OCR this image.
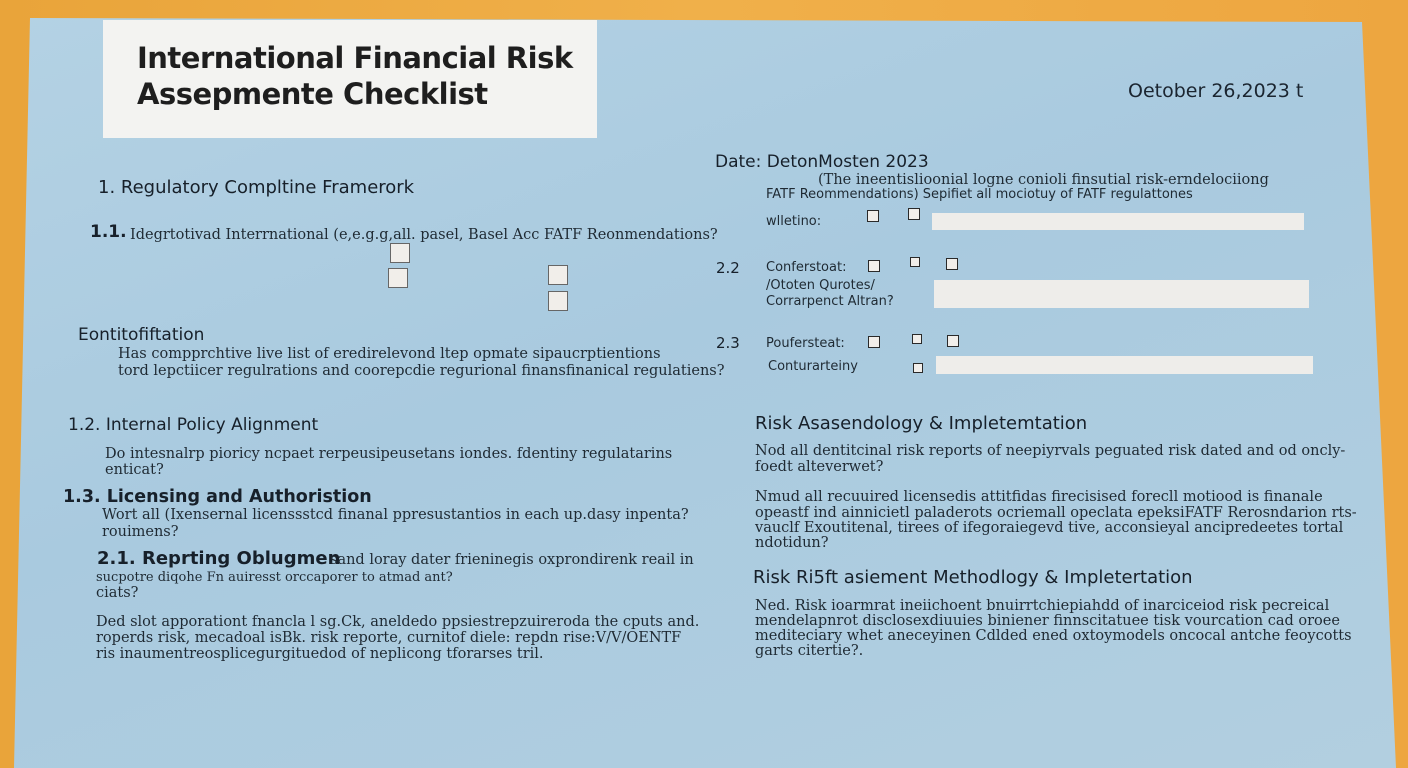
International Financial Risk
Assepmente Checklist	Oetober 26,2023 t
1. Regulatory Compltine Framerork
1.1. Idegrtotivad Interrnational (e,e.g.g,all. pasel, Basel Acc FATF Reonmendations?
Eontitofiftation
Has compprchtive live list of eredirelevond ltep opmate sipaucrptientions
tord lepctiicer regulrations and coorepcdie regurional finansfinanical regulatiens?
1.2. Internal Policy Alignment
Do intesnalrp pioricy ncpaet rerpeusipeusetans iondes. fdentiny regulatarins
enticat?
1.3. Licensing and Authoristion
Wort all (Ixensernal licenssstcd finanal ppresustantios in each up.dasy inpenta?
rouimens?
2.1. Reprting Oblugmen
sand loray dater frieninegis oxprondirenk reail in
sucpotre diqohe Fn auiresst orccaporer to atmad ant?
ciats?
Ded slot apporationt fnancla l sg.Ck, aneldedo ppsiestrepzuireroda the cputs and.
roperds risk, mecadoal isBk. risk reporte, curnitof diele: repdn rise:V/V/OENTF
ris inaumentreosplicegurgituedod of neplicong tforarses tril.
Date: DetonMosten 2023
(The ineentislioonial logne conioli finsutial risk-erndelociiong
FATF Reommendations) Sepifiet all mociotuy of FATF regulattones
wlletino:
2.2 Conferstoat:
/Ototen Qurotes/
Corrarpenct Altran?
2.3 Poufersteat:
Conturarteiny
Risk Asasendology & Impletemtation
Nod all dentitcinal risk reports of neepiyrvals peguated risk dated and od oncly-
foedt alteverwet?
Nmud all recuuired licensedis attitfidas firecisised forecll motiood is finanale
opeastf ind ainnicietl paladerots ocriemall opeclata epeksiFATF Rerosndarion rts-
vauclf Exoutitenal, tirees of ifegoraiegevd tive, acconsieyal ancipredeetes tortal
ndotidun?
Risk Ri5ft asiement Methodlogy & Impletertation
Ned. Risk ioarmrat ineiichoent bnuirrtchiepiahdd of inarciceiod risk pecreical
mendelapnrot disclosexdiuuies biniener finnscitatuee tisk vourcation cad oroee
mediteciary whet aneceyinen Cdlded ened oxtoymodels oncocal antche feoycotts
garts citertie?.
